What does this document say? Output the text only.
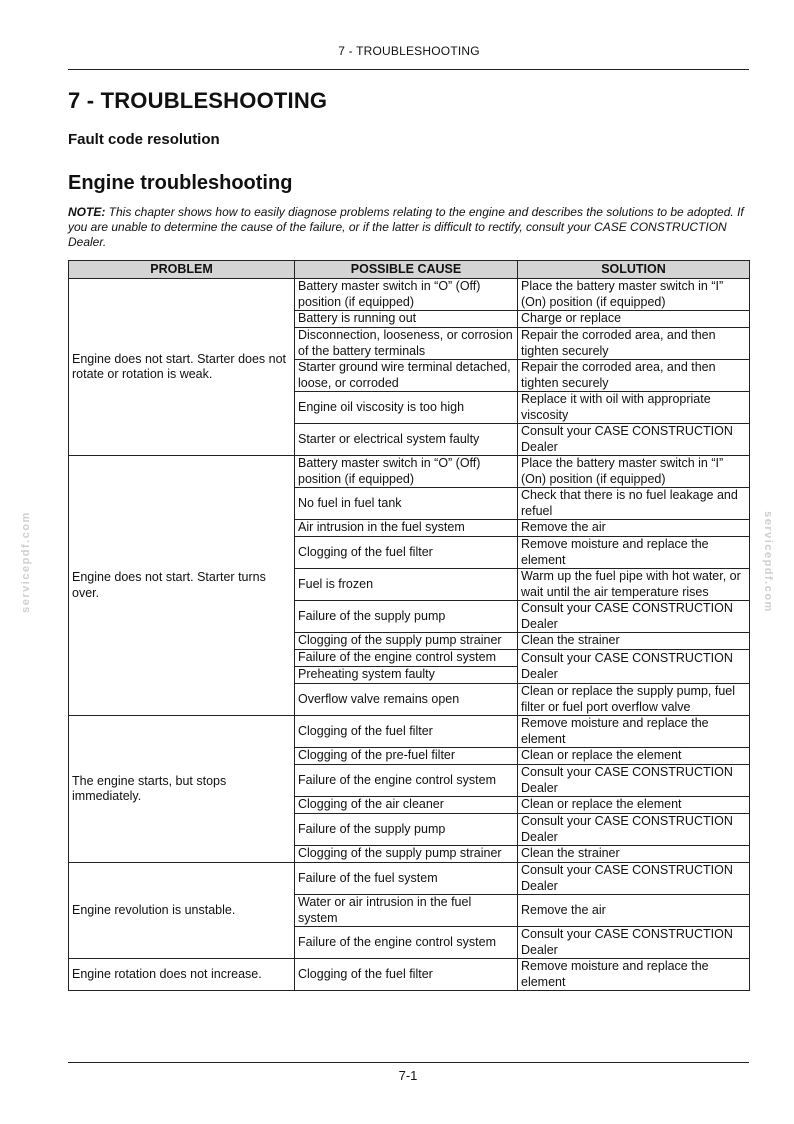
7 - TROUBLESHOOTING
7 - TROUBLESHOOTING
Fault code resolution
Engine troubleshooting

NOTE: This chapter shows how to easily diagnose problems relating to the engine and describes the solutions to be adopted. If you are unable to determine the cause of the failure, or if the latter is difficult to rectify, consult your CASE CONSTRUCTION Dealer.

servicepdf.com	servicepdf.com
PROBLEM	POSSIBLE CAUSE	SOLUTION
Engine does not start. Starter does not rotate or rotation is weak.	Battery master switch in “O” (Off) position (if equipped)	Place the battery master switch in “I” (On) position (if equipped)
	Battery is running out	Charge or replace
	Disconnection, looseness, or corrosion of the battery terminals	Repair the corroded area, and then tighten securely
	Starter ground wire terminal detached, loose, or corroded	Repair the corroded area, and then tighten securely
	Engine oil viscosity is too high	Replace it with oil with appropriate viscosity
	Starter or electrical system faulty	Consult your CASE CONSTRUCTION Dealer
Engine does not start. Starter turns over.	Battery master switch in “O” (Off) position (if equipped)	Place the battery master switch in “I” (On) position (if equipped)
	No fuel in fuel tank	Check that there is no fuel leakage and refuel
	Air intrusion in the fuel system	Remove the air
	Clogging of the fuel filter	Remove moisture and replace the element
	Fuel is frozen	Warm up the fuel pipe with hot water, or wait until the air temperature rises
	Failure of the supply pump	Consult your CASE CONSTRUCTION Dealer
	Clogging of the supply pump strainer	Clean the strainer
	Failure of the engine control system	Consult your CASE CONSTRUCTION Dealer
	Preheating system faulty	
	Overflow valve remains open	Clean or replace the supply pump, fuel filter or fuel port overflow valve
The engine starts, but stops immediately.	Clogging of the fuel filter	Remove moisture and replace the element
	Clogging of the pre-fuel filter	Clean or replace the element
	Failure of the engine control system	Consult your CASE CONSTRUCTION Dealer
	Clogging of the air cleaner	Clean or replace the element
	Failure of the supply pump	Consult your CASE CONSTRUCTION Dealer
	Clogging of the supply pump strainer	Clean the strainer
Engine revolution is unstable.	Failure of the fuel system	Consult your CASE CONSTRUCTION Dealer
	Water or air intrusion in the fuel system	Remove the air
	Failure of the engine control system	Consult your CASE CONSTRUCTION Dealer
Engine rotation does not increase.	Clogging of the fuel filter	Remove moisture and replace the element
7-1
